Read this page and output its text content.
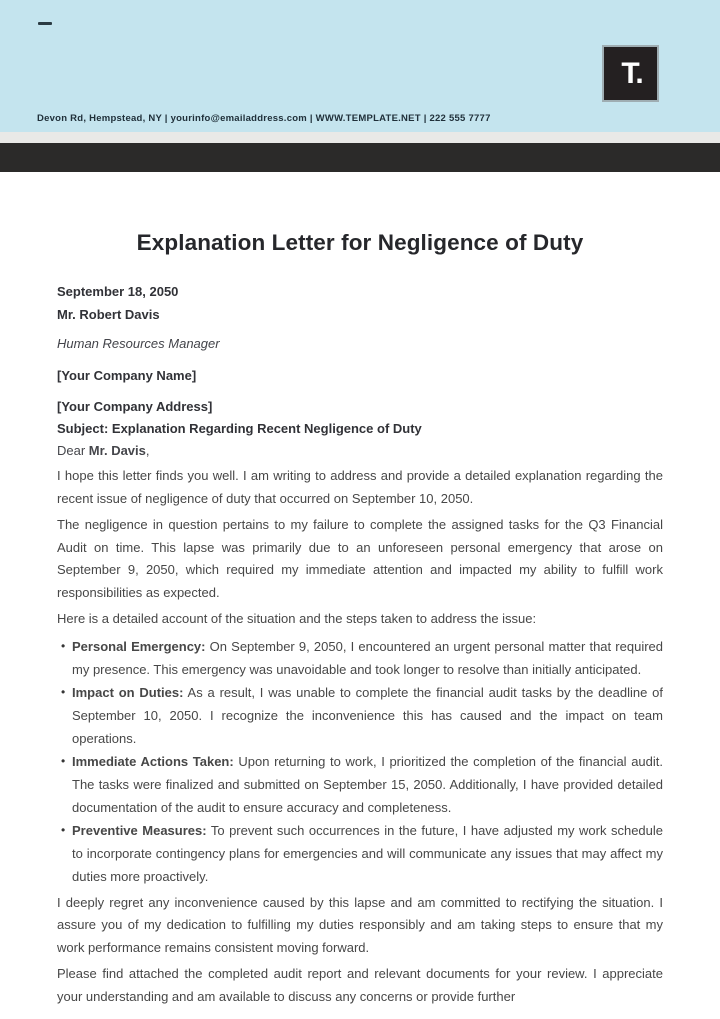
T.
Devon Rd, Hempstead, NY | yourinfo@emailaddress.com | WWW.TEMPLATE.NET | 222 555 7777
Explanation Letter for Negligence of Duty

September 18, 2050

Mr. Robert Davis

Human Resources Manager

[Your Company Name]

[Your Company Address]

Subject: Explanation Regarding Recent Negligence of Duty

Dear Mr. Davis,

I hope this letter finds you well. I am writing to address and provide a detailed explanation regarding the recent issue of negligence of duty that occurred on September 10, 2050.

The negligence in question pertains to my failure to complete the assigned tasks for the Q3 Financial Audit on time. This lapse was primarily due to an unforeseen personal emergency that arose on September 9, 2050, which required my immediate attention and impacted my ability to fulfill work responsibilities as expected.

Here is a detailed account of the situation and the steps taken to address the issue:

• Personal Emergency: On September 9, 2050, I encountered an urgent personal matter that required my presence. This emergency was unavoidable and took longer to resolve than initially anticipated.
• Impact on Duties: As a result, I was unable to complete the financial audit tasks by the deadline of September 10, 2050. I recognize the inconvenience this has caused and the impact on team operations.
• Immediate Actions Taken: Upon returning to work, I prioritized the completion of the financial audit. The tasks were finalized and submitted on September 15, 2050. Additionally, I have provided detailed documentation of the audit to ensure accuracy and completeness.
• Preventive Measures: To prevent such occurrences in the future, I have adjusted my work schedule to incorporate contingency plans for emergencies and will communicate any issues that may affect my duties more proactively.

I deeply regret any inconvenience caused by this lapse and am committed to rectifying the situation. I assure you of my dedication to fulfilling my duties responsibly and am taking steps to ensure that my work performance remains consistent moving forward.

Please find attached the completed audit report and relevant documents for your review. I appreciate your understanding and am available to discuss any concerns or provide further
